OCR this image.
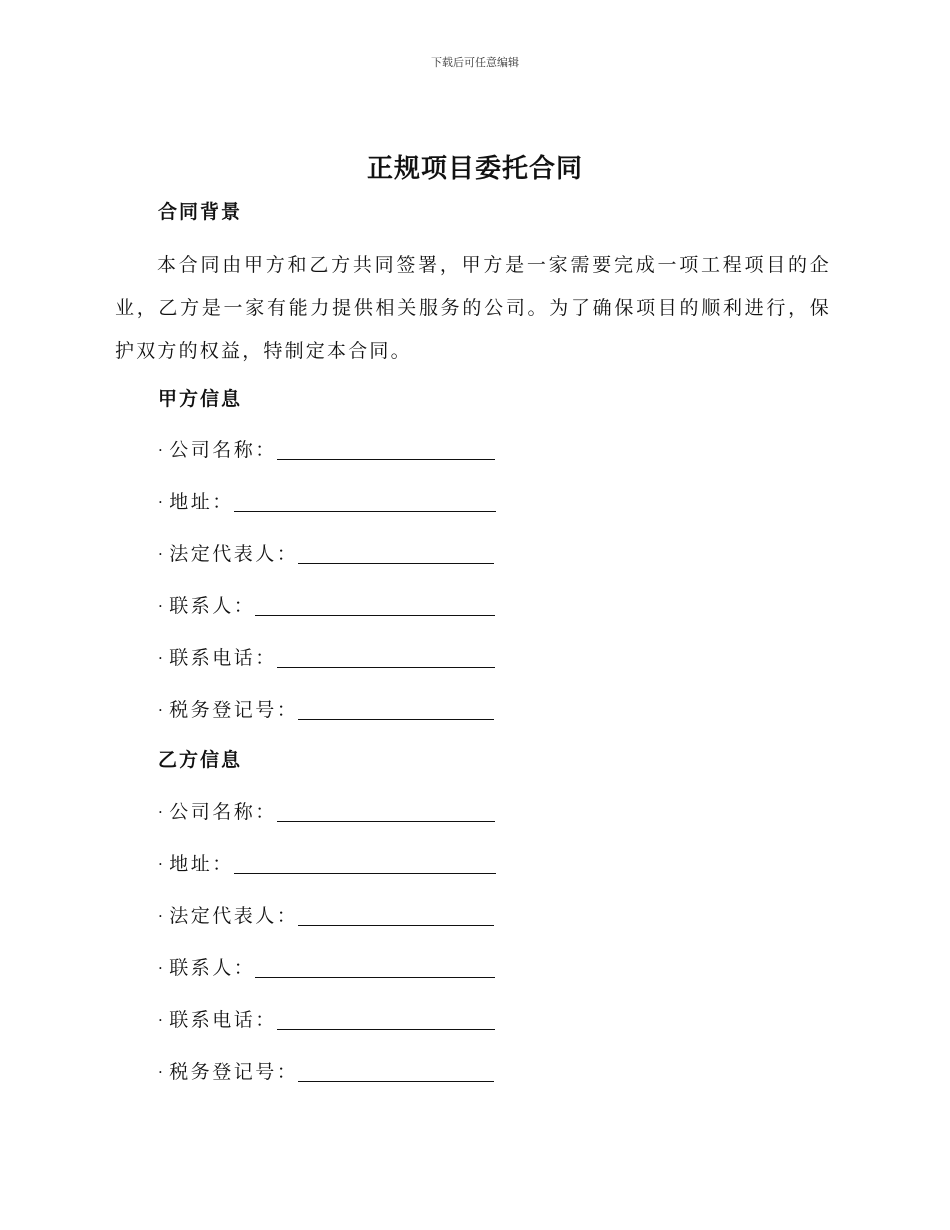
下载后可任意编辑
正规项目委托合同
合同背景

本合同由甲方和乙方共同签署，甲方是一家需要完成一项工程项目的企业，乙方是一家有能力提供相关服务的公司。为了确保项目的顺利进行，保护双方的权益，特制定本合同。

甲方信息
· 公司名称：
· 地址：
· 法定代表人：
· 联系人：
· 联系电话：
· 税务登记号：
乙方信息
· 公司名称：
· 地址：
· 法定代表人：
· 联系人：
· 联系电话：
· 税务登记号：
